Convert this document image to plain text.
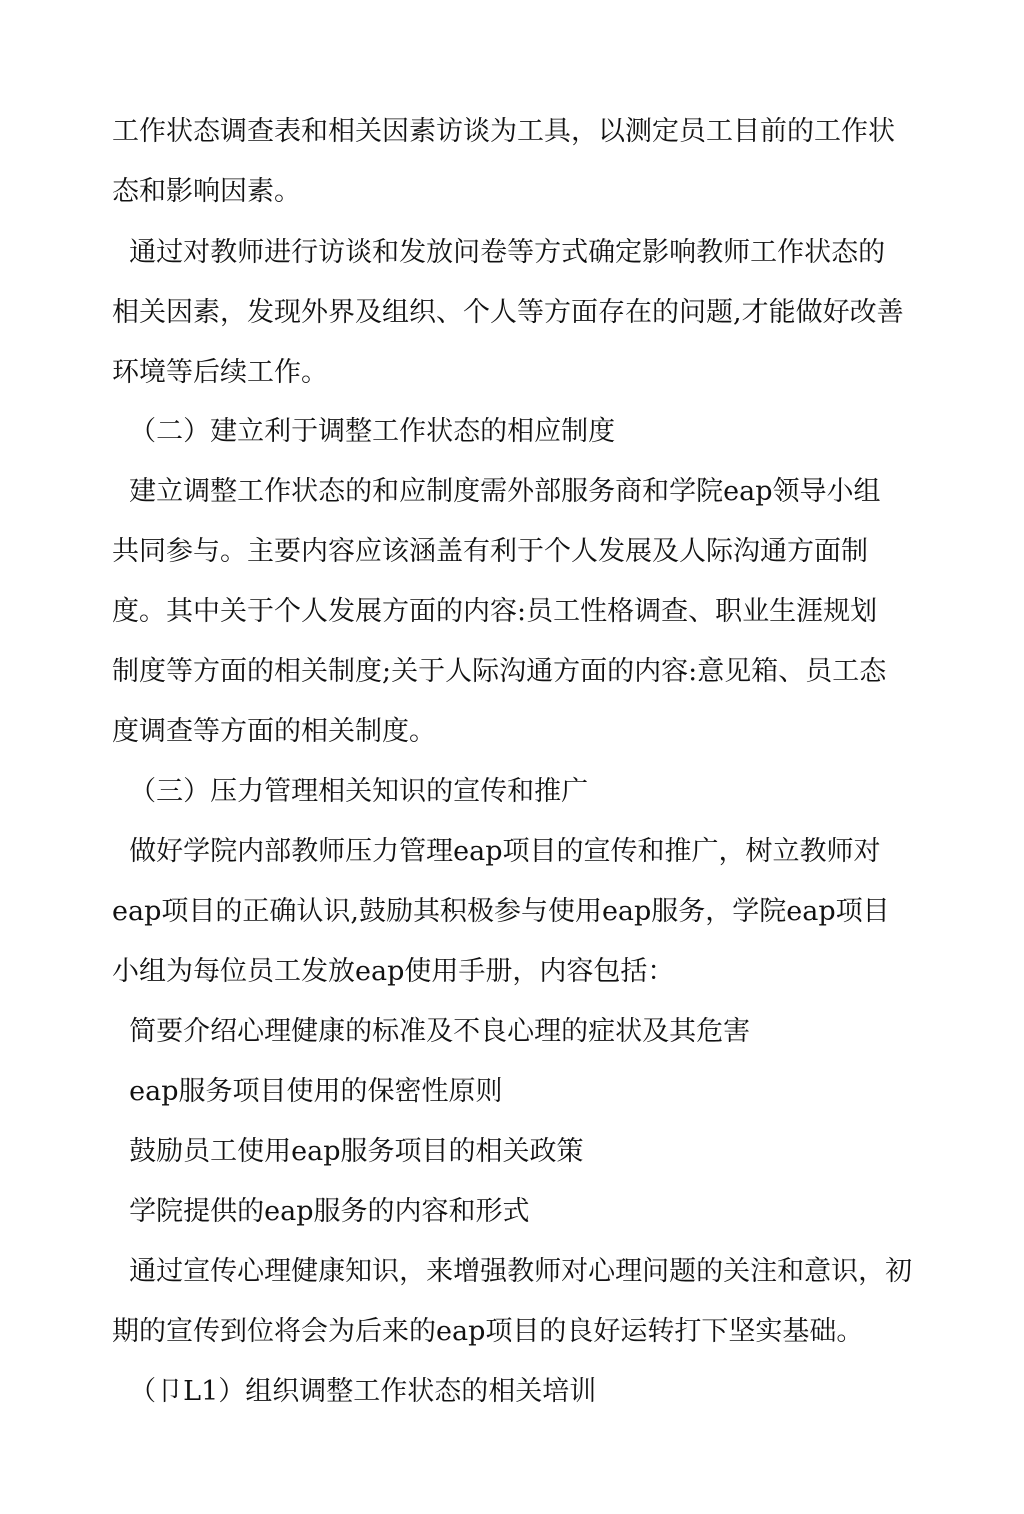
工作状态调查表和相关因素访谈为工具，以测定员工目前的工作状
态和影响因素。
通过对教师进行访谈和发放问卷等方式确定影响教师工作状态的
相关因素，发现外界及组织、个人等方面存在的问题,才能做好改善
环境等后续工作。
（二）建立利于调整工作状态的相应制度
建立调整工作状态的和应制度需外部服务商和学院eap领导小组
共同参与。主要内容应该涵盖有利于个人发展及人际沟通方面制
度。其中关于个人发展方面的内容:员工性格调查、职业生涯规划
制度等方面的相关制度;关于人际沟通方面的内容:意见箱、员工态
度调查等方面的相关制度。
（三）压力管理相关知识的宣传和推广
做好学院内部教师压力管理eap项目的宣传和推广，树立教师对
eap项目的正确认识,鼓励其积极参与使用eap服务，学院eap项目
小组为每位员工发放eap使用手册，内容包括：
简要介绍心理健康的标准及不良心理的症状及其危害
eap服务项目使用的保密性原则
鼓励员工使用eap服务项目的相关政策
学院提供的eap服务的内容和形式
通过宣传心理健康知识，来增强教师对心理问题的关注和意识，初
期的宣传到位将会为后来的eap项目的良好运转打下坚实基础。
（卩L1）组织调整工作状态的相关培训
